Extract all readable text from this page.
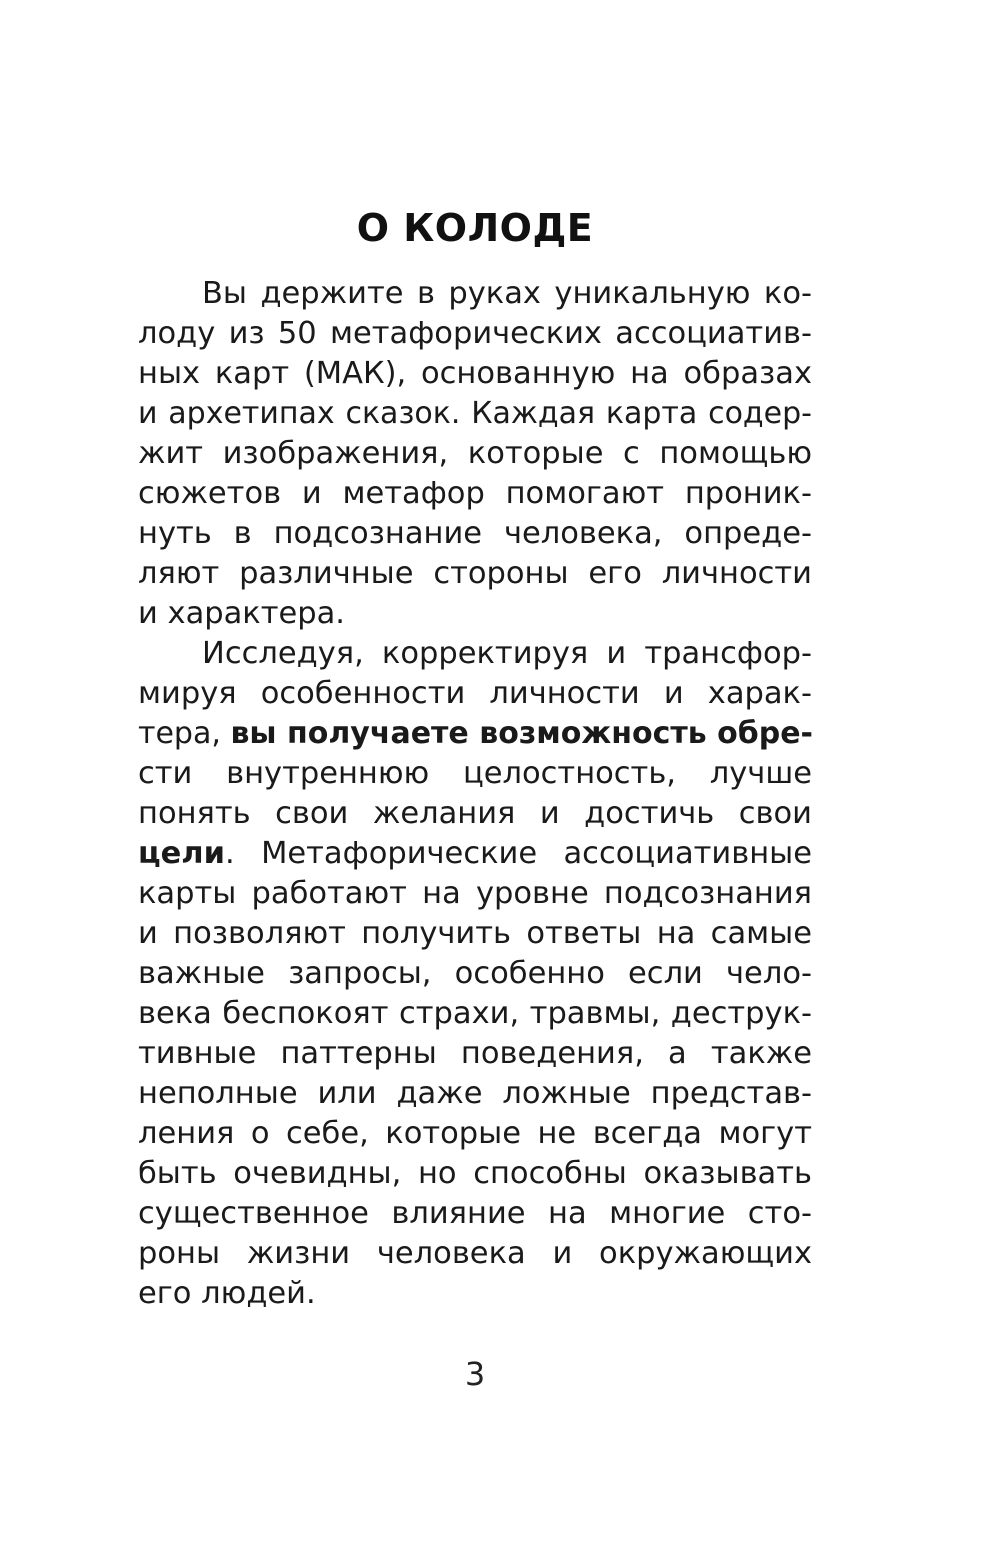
О КОЛОДЕ
Вы держите в руках уникальную ко-
лоду из 50 метафорических ассоциатив-
ных карт (МАК), основанную на образах
и архетипах сказок. Каждая карта содер-
жит изображения, которые с помощью
сюжетов и метафор помогают проник-
нуть в подсознание человека, опреде-
ляют различные стороны его личности
и характера.
Исследуя, корректируя и трансфор-
мируя особенности личности и харак-
тера, вы получаете возможность обре-
сти внутреннюю целостность, лучше
понять свои желания и достичь свои
цели. Метафорические ассоциативные
карты работают на уровне подсознания
и позволяют получить ответы на самые
важные запросы, особенно если чело-
века беспокоят страхи, травмы, деструк-
тивные паттерны поведения, а также
неполные или даже ложные представ-
ления о себе, которые не всегда могут
быть очевидны, но способны оказывать
существенное влияние на многие сто-
роны жизни человека и окружающих
его людей.
3
